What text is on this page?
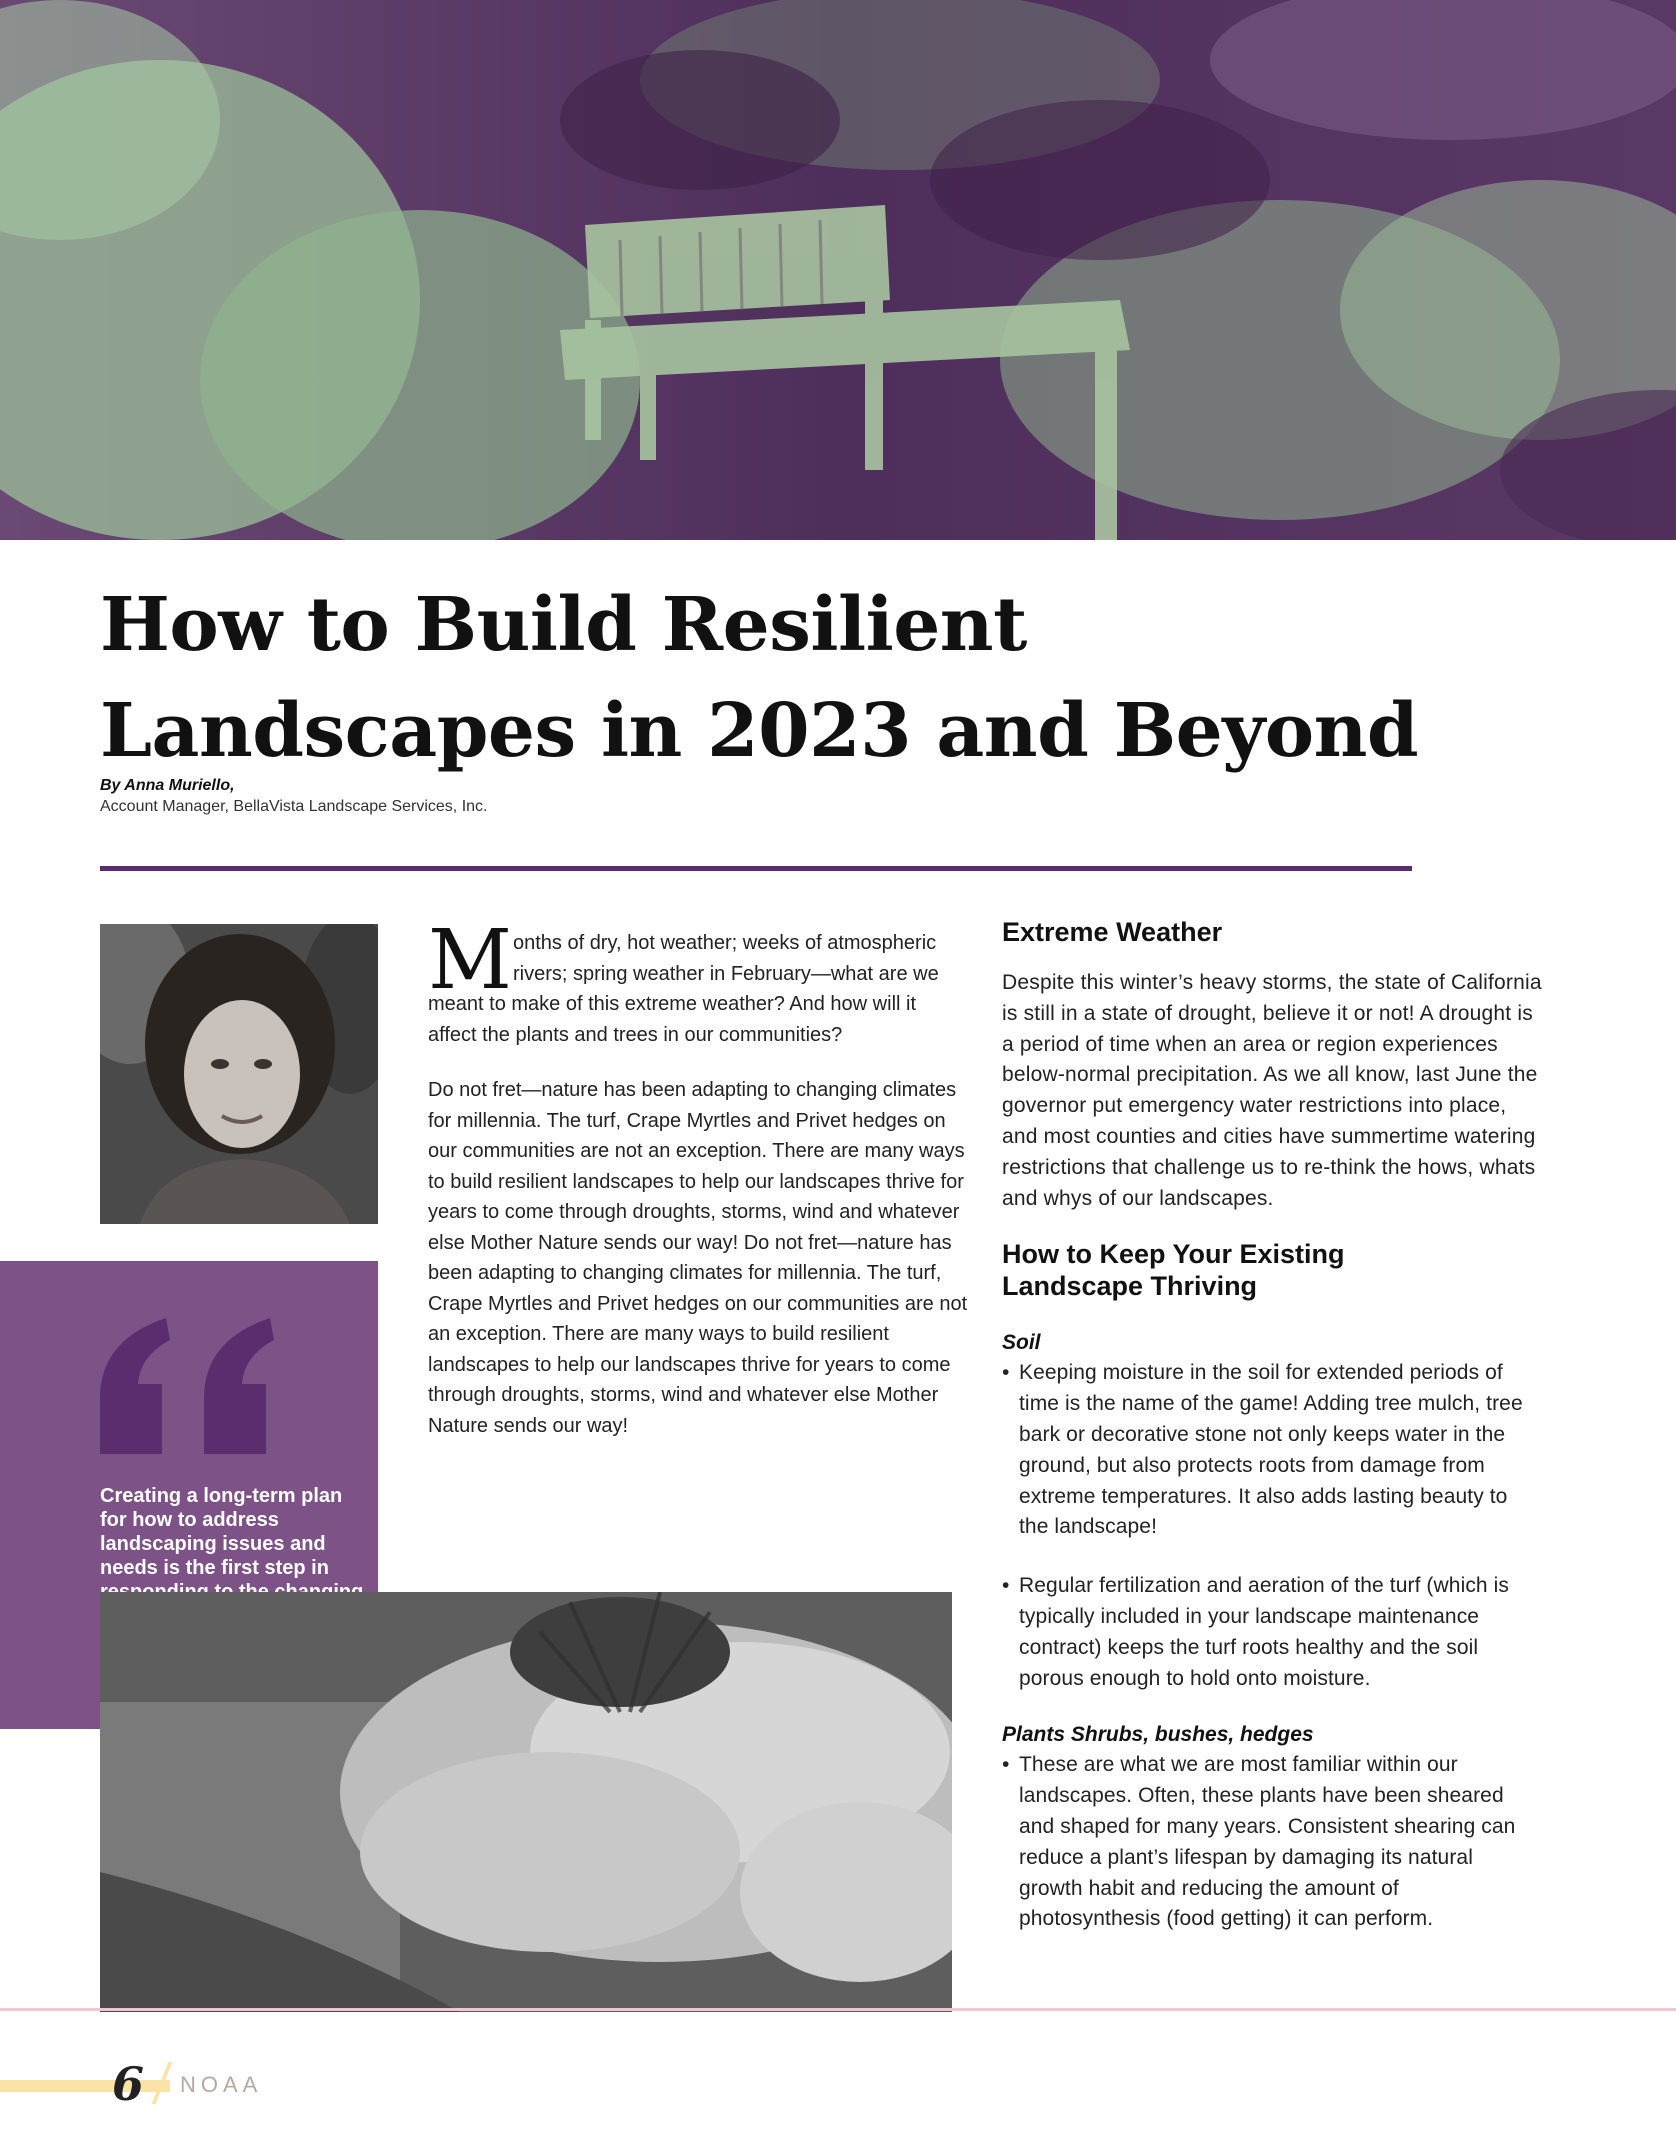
How to Build Resilient
Landscapes in 2023 and Beyond
By Anna Muriello,
Account Manager, BellaVista Landscape Services, Inc.
Creating a long-term plan for how to address landscaping issues and needs is the first step in

Months of dry, hot weather; weeks of atmospheric rivers; spring weather in February—what are we meant to make of this extreme weather? And how will it affect the plants and trees in our communities?

Do not fret—nature has been adapting to changing climates for millennia. The turf, Crape Myrtles and Privet hedges on our communities are not an exception. There are many ways to build resilient landscapes to help our landscapes thrive for years to come through droughts, storms, wind and whatever else Mother Nature sends our way! Do not fret—nature has been adapting to changing climates for millennia. The turf, Crape Myrtles and Privet hedges on our communities are not an exception. There are many ways to build resilient landscapes to help our landscapes thrive for years to come through droughts, storms, wind and whatever else Mother Nature sends our way!

Extreme Weather

Despite this winter’s heavy storms, the state of California is still in a state of drought, believe it or not! A drought is a period of time when an area or region experiences below-normal precipitation. As we all know, last June the governor put emergency water restrictions into place, and most counties and cities have summertime watering restrictions that challenge us to re-think the hows, whats and whys of our landscapes.

How to Keep Your Existing
Landscape Thriving
Soil
• Keeping moisture in the soil for extended periods of time is the name of the game! Adding tree mulch, tree bark or decorative stone not only keeps water in the ground, but also protects roots from damage from extreme temperatures. It also adds lasting beauty to the landscape!
• Regular fertilization and aeration of the turf (which is typically included in your landscape maintenance contract) keeps the turf roots healthy and the soil porous enough to hold onto moisture.
Plants Shrubs, bushes, hedges
• These are what we are most familiar within our landscapes. Often, these plants have been sheared and shaped for many years. Consistent shearing can reduce a plant’s lifespan by damaging its natural growth habit and reducing the amount of photosynthesis (food getting) it can perform.
6 NOAA
